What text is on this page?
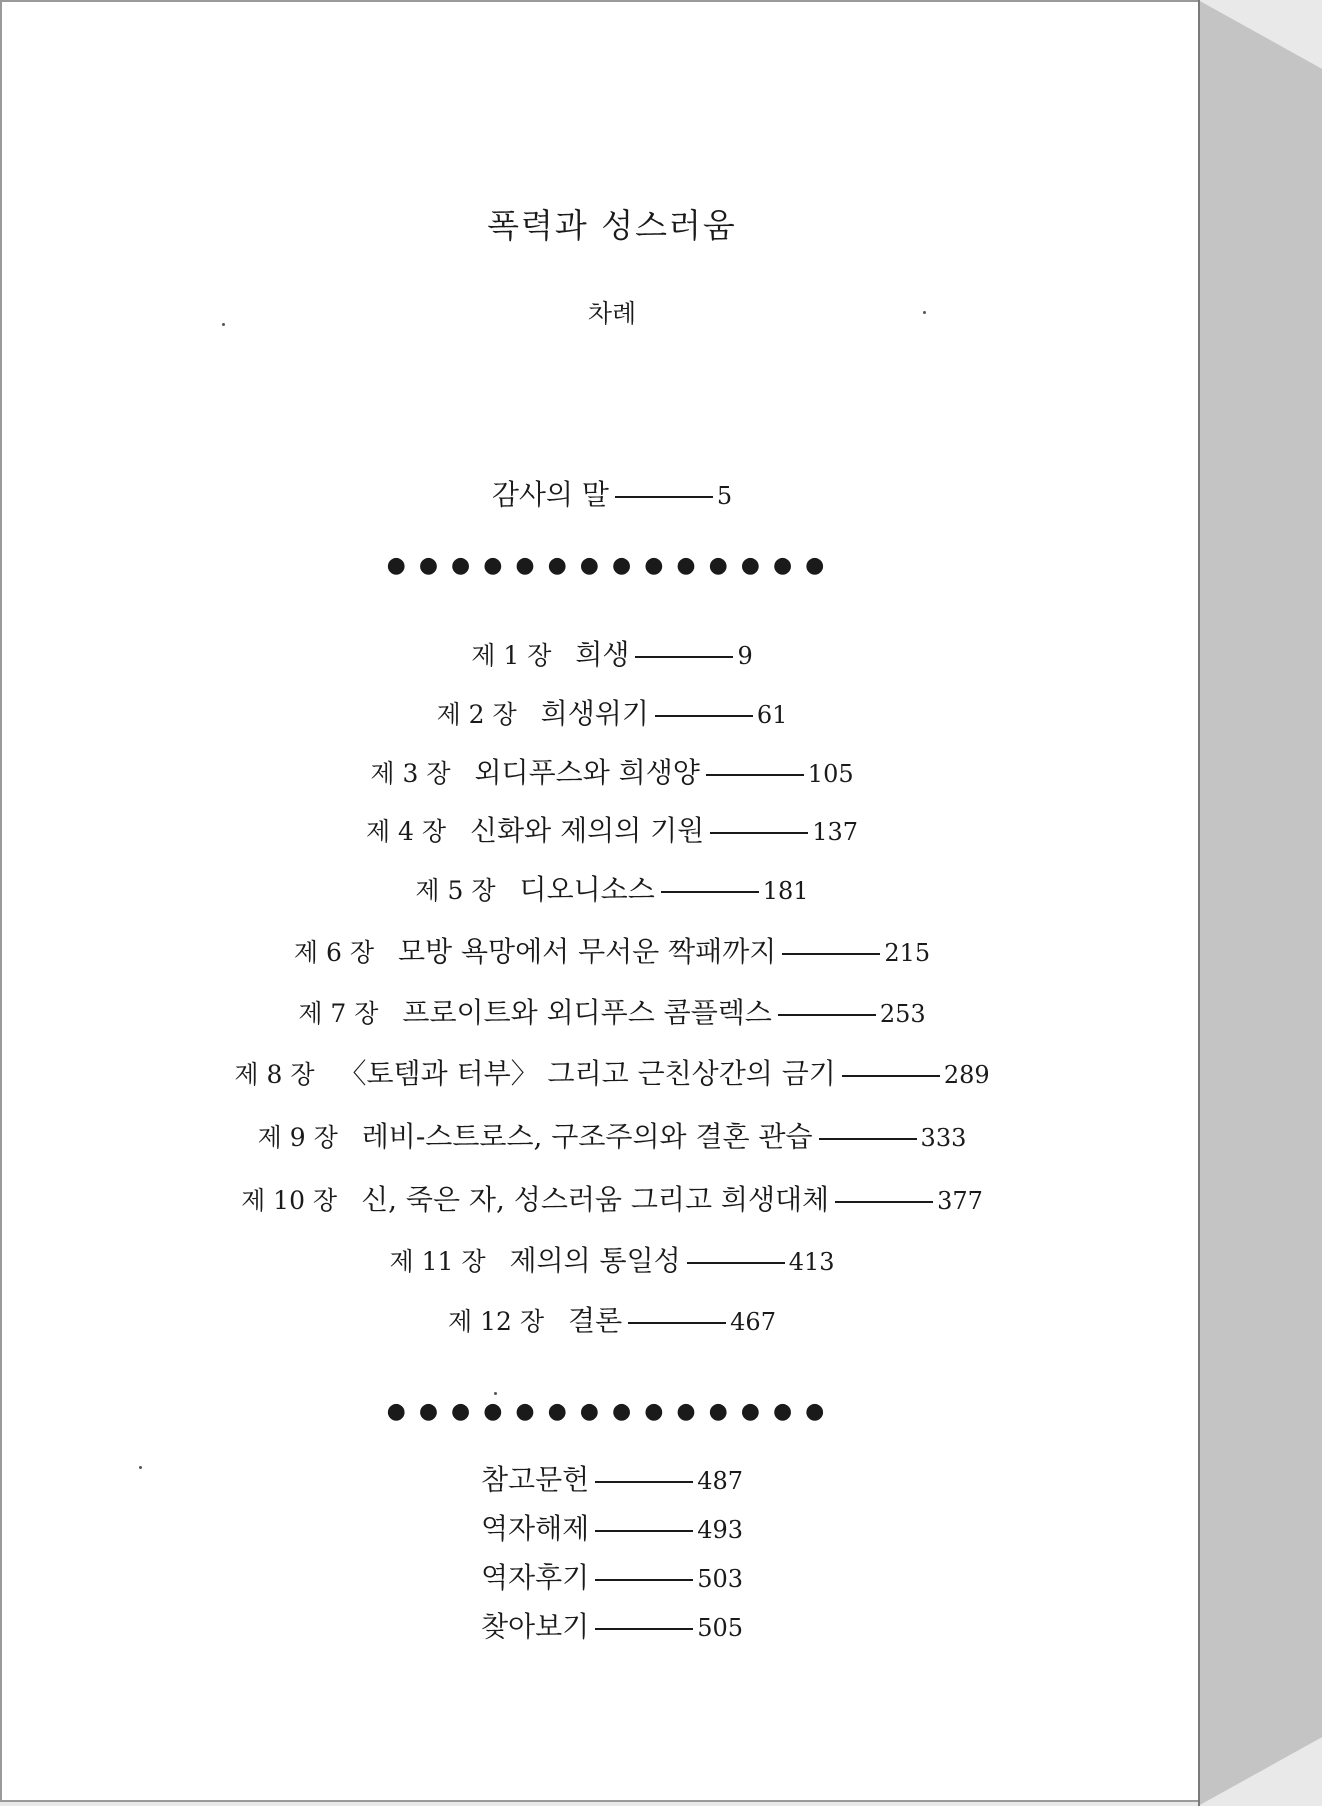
폭력과 성스러움
차례
감사의 말	5
●●●●●●●●●●●●●●
제 1 장 희생	9
제 2 장 희생위기	61
제 3 장 외디푸스와 희생양	105
제 4 장 신화와 제의의 기원	137
제 5 장 디오니소스	181
제 6 장 모방 욕망에서 무서운 짝패까지	215
제 7 장 프로이트와 외디푸스 콤플렉스	253
제 8 장 〈토템과 터부〉 그리고 근친상간의 금기	289
제 9 장 레비-스트로스, 구조주의와 결혼 관습	333
제 10 장 신, 죽은 자, 성스러움 그리고 희생대체	377
제 11 장 제의의 통일성	413
제 12 장 결론	467
●●●●●●●●●●●●●●
참고문헌	487
역자해제	493
역자후기	503
찾아보기	505
